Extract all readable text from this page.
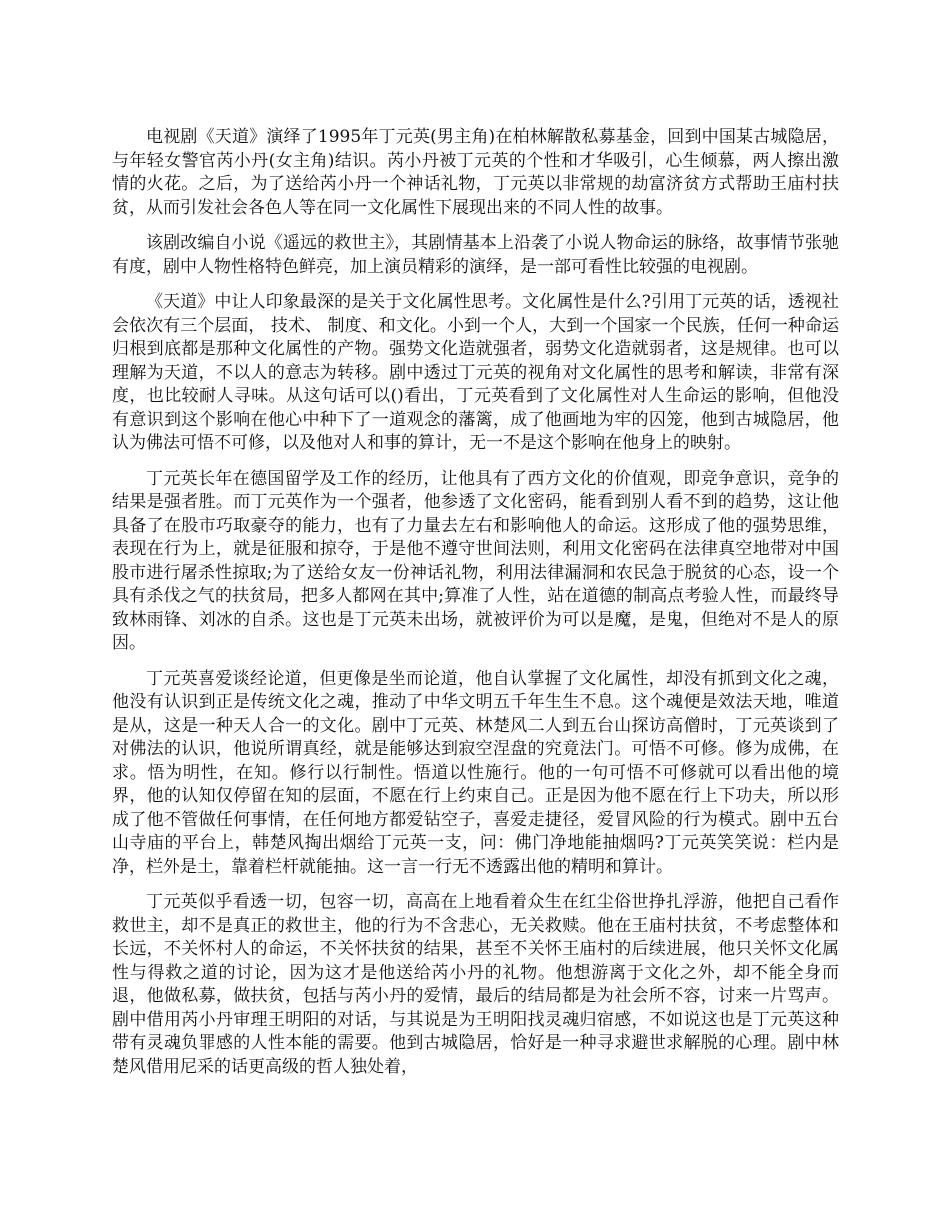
电视剧《天道》演绎了1995年丁元英(男主角)在柏林解散私募基金，回到中国某古城隐居，与年轻女警官芮小丹(女主角)结识。芮小丹被丁元英的个性和才华吸引，心生倾慕，两人擦出激情的火花。之后，为了送给芮小丹一个神话礼物，丁元英以非常规的劫富济贫方式帮助王庙村扶贫，从而引发社会各色人等在同一文化属性下展现出来的不同人性的故事。

该剧改编自小说《遥远的救世主》，其剧情基本上沿袭了小说人物命运的脉络，故事情节张驰有度，剧中人物性格特色鲜亮，加上演员精彩的演绎，是一部可看性比较强的电视剧。

《天道》中让人印象最深的是关于文化属性思考。文化属性是什么?引用丁元英的话，透视社会依次有三个层面， 技术、 制度、和文化。小到一个人，大到一个国家一个民族，任何一种命运归根到底都是那种文化属性的产物。强势文化造就强者，弱势文化造就弱者，这是规律。也可以理解为天道，不以人的意志为转移。剧中透过丁元英的视角对文化属性的思考和解读，非常有深度，也比较耐人寻味。从这句话可以()看出，丁元英看到了文化属性对人生命运的影响，但他没有意识到这个影响在他心中种下了一道观念的藩篱，成了他画地为牢的囚笼，他到古城隐居，他认为佛法可悟不可修，以及他对人和事的算计，无一不是这个影响在他身上的映射。

丁元英长年在德国留学及工作的经历，让他具有了西方文化的价值观，即竞争意识，竞争的结果是强者胜。而丁元英作为一个强者，他参透了文化密码，能看到别人看不到的趋势，这让他具备了在股市巧取豪夺的能力，也有了力量去左右和影响他人的命运。这形成了他的强势思维，表现在行为上，就是征服和掠夺，于是他不遵守世间法则，利用文化密码在法律真空地带对中国股市进行屠杀性掠取;为了送给女友一份神话礼物，利用法律漏洞和农民急于脱贫的心态，设一个具有杀伐之气的扶贫局，把多人都网在其中;算准了人性，站在道德的制高点考验人性，而最终导致林雨锋、刘冰的自杀。这也是丁元英未出场，就被评价为可以是魔，是鬼，但绝对不是人的原因。

丁元英喜爱谈经论道，但更像是坐而论道，他自认掌握了文化属性，却没有抓到文化之魂，他没有认识到正是传统文化之魂，推动了中华文明五千年生生不息。这个魂便是效法天地，唯道是从，这是一种天人合一的文化。剧中丁元英、林楚风二人到五台山探访高僧时，丁元英谈到了对佛法的认识，他说所谓真经，就是能够达到寂空涅盘的究竟法门。可悟不可修。修为成佛，在求。悟为明性，在知。修行以行制性。悟道以性施行。他的一句可悟不可修就可以看出他的境界，他的认知仅停留在知的层面，不愿在行上约束自己。正是因为他不愿在行上下功夫，所以形成了他不管做任何事情，在任何地方都爱钻空子，喜爱走捷径，爱冒风险的行为模式。剧中五台山寺庙的平台上，韩楚风掏出烟给丁元英一支，问：佛门净地能抽烟吗?丁元英笑笑说：栏内是净，栏外是土，靠着栏杆就能抽。这一言一行无不透露出他的精明和算计。

丁元英似乎看透一切，包容一切，高高在上地看着众生在红尘俗世挣扎浮游，他把自己看作救世主，却不是真正的救世主，他的行为不含悲心，无关救赎。他在王庙村扶贫，不考虑整体和长远，不关怀村人的命运，不关怀扶贫的结果，甚至不关怀王庙村的后续进展，他只关怀文化属性与得救之道的讨论，因为这才是他送给芮小丹的礼物。他想游离于文化之外，却不能全身而退，他做私募，做扶贫，包括与芮小丹的爱情，最后的结局都是为社会所不容，讨来一片骂声。剧中借用芮小丹审理王明阳的对话，与其说是为王明阳找灵魂归宿感，不如说这也是丁元英这种带有灵魂负罪感的人性本能的需要。他到古城隐居，恰好是一种寻求避世求解脱的心理。剧中林楚风借用尼采的话更高级的哲人独处着，
